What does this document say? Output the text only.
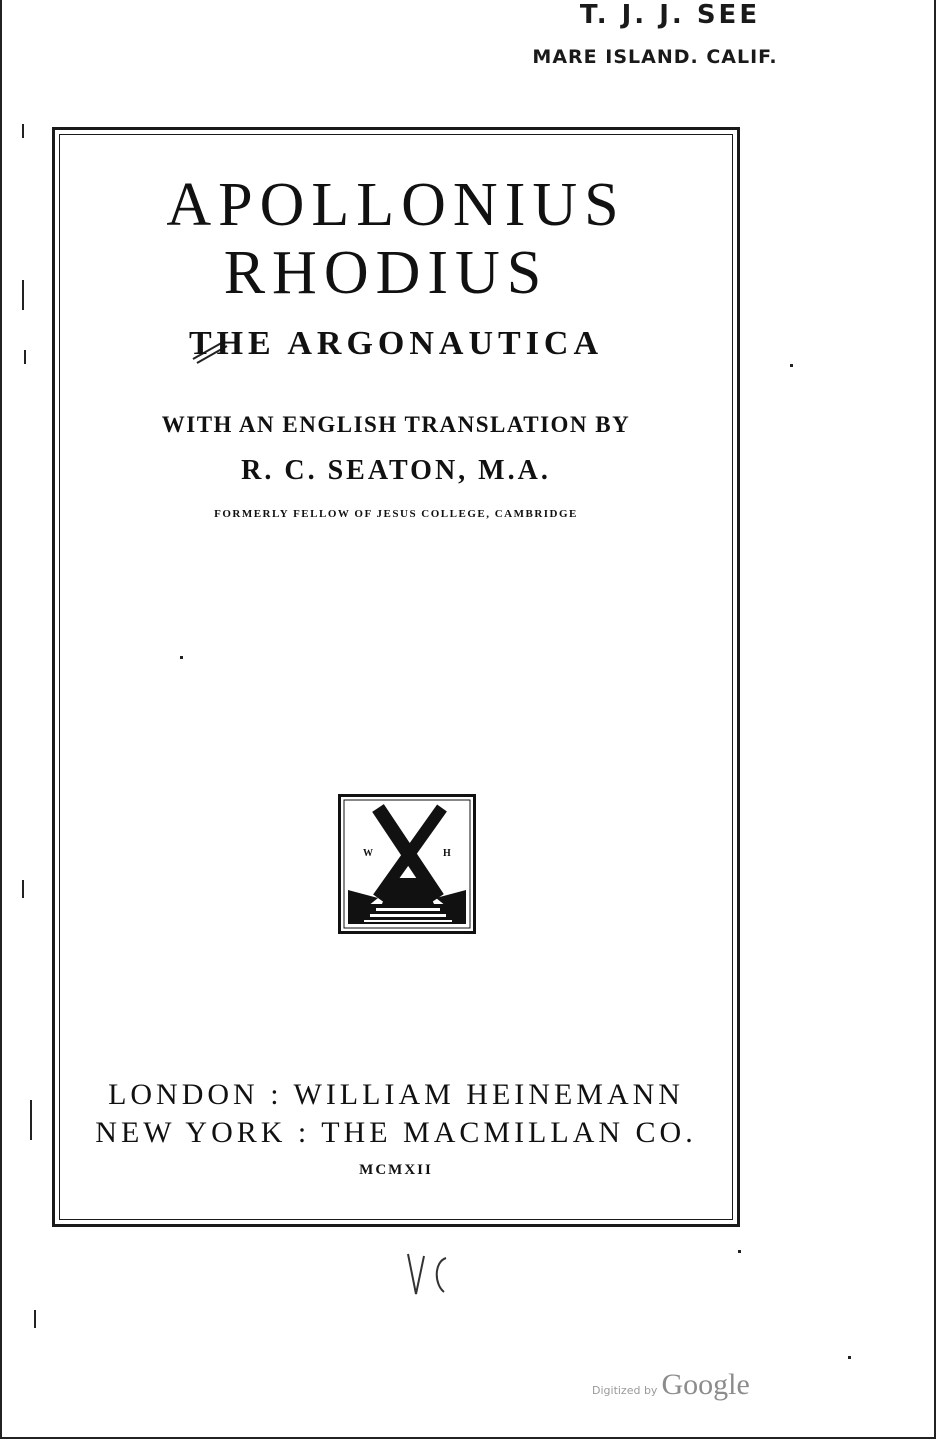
T. J. J. SEE
MARE ISLAND. CALIF.
APOLLONIUS
RHODIUS
THE ARGONAUTICA
WITH AN ENGLISH TRANSLATION BY
R. C. SEATON, M.A.
FORMERLY FELLOW OF JESUS COLLEGE, CAMBRIDGE
W	H
LONDON : WILLIAM HEINEMANN
NEW YORK : THE MACMILLAN CO.
MCMXII
Digitized by Google
